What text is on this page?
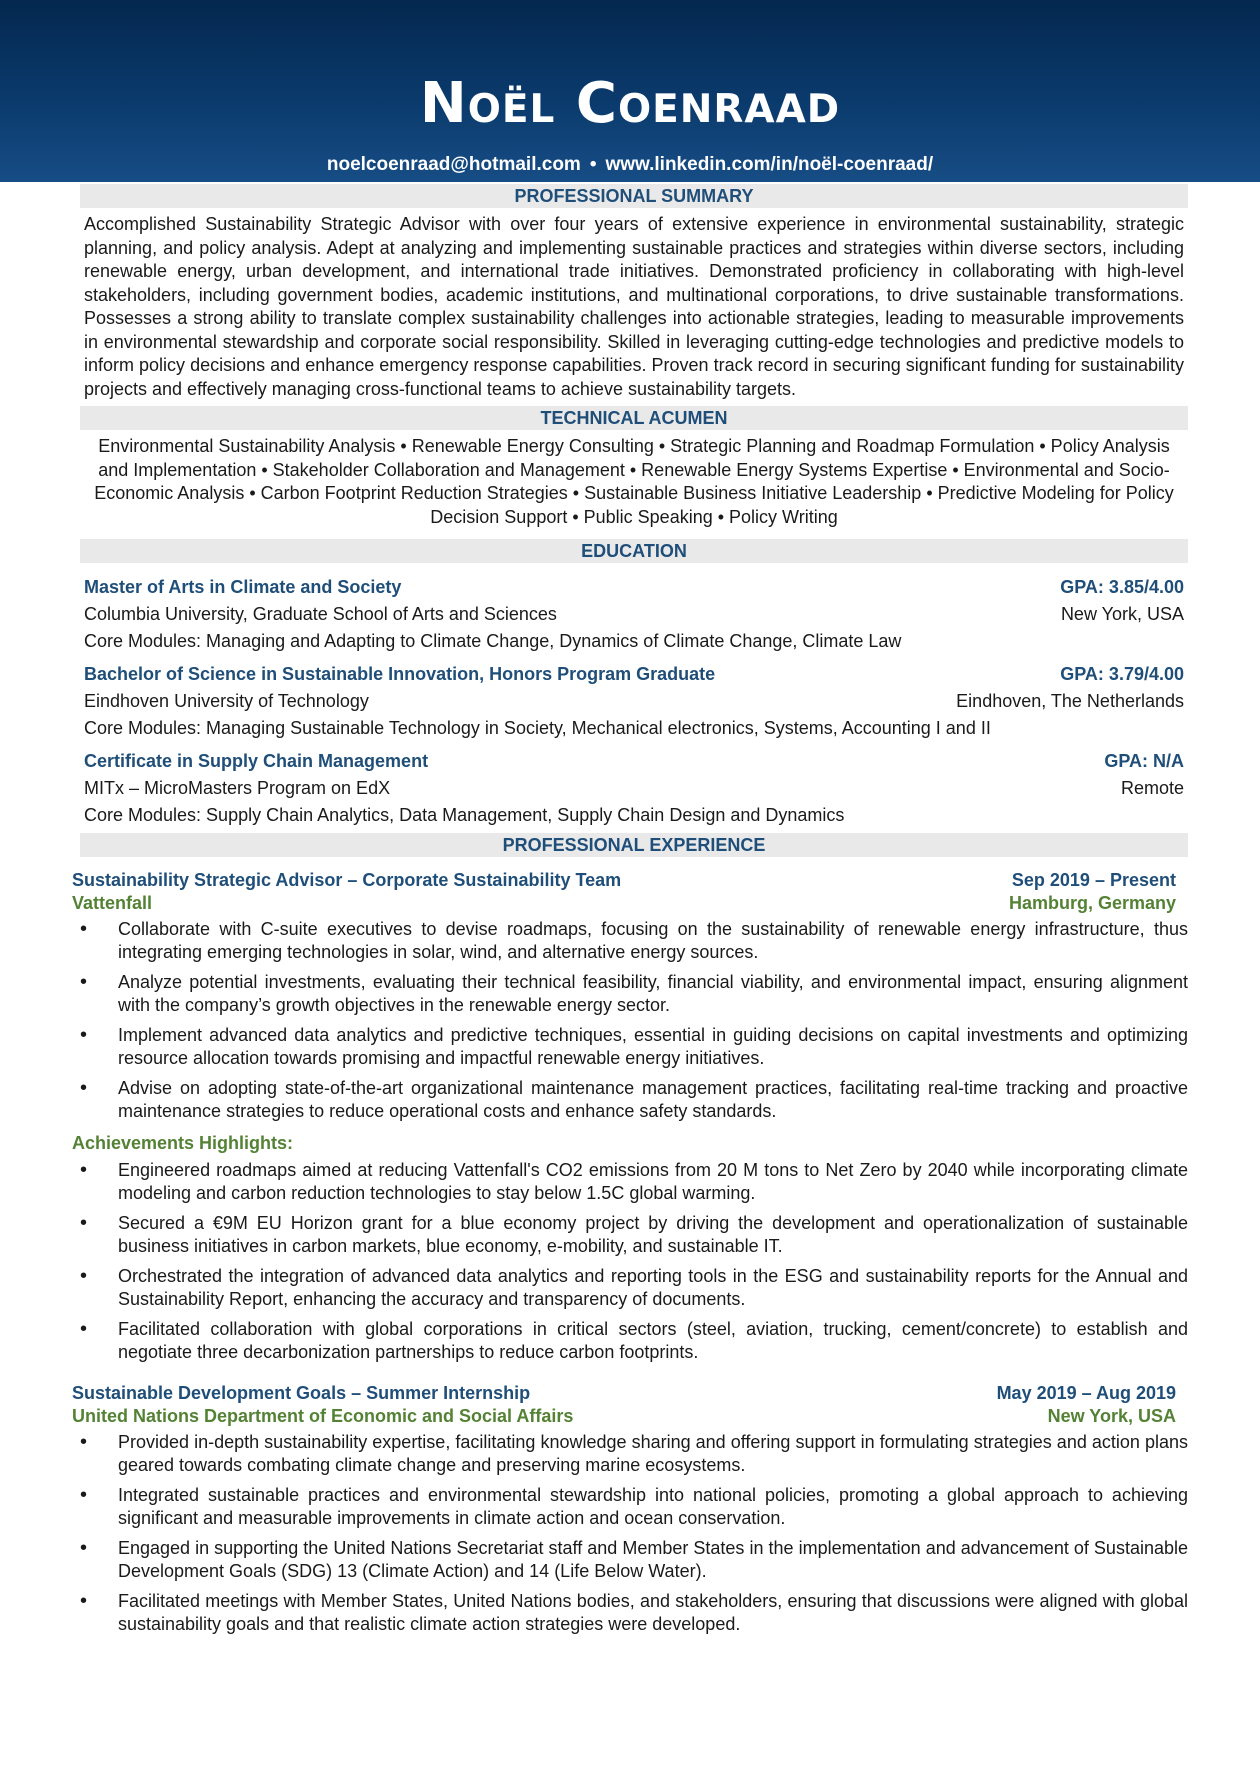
Noël Coenraad
noelcoenraad@hotmail.com • www.linkedin.com/in/noël-coenraad/
PROFESSIONAL SUMMARY
Accomplished Sustainability Strategic Advisor with over four years of extensive experience in environmental sustainability, strategic planning, and policy analysis. Adept at analyzing and implementing sustainable practices and strategies within diverse sectors, including renewable energy, urban development, and international trade initiatives. Demonstrated proficiency in collaborating with high-level stakeholders, including government bodies, academic institutions, and multinational corporations, to drive sustainable transformations. Possesses a strong ability to translate complex sustainability challenges into actionable strategies, leading to measurable improvements in environmental stewardship and corporate social responsibility. Skilled in leveraging cutting-edge technologies and predictive models to inform policy decisions and enhance emergency response capabilities. Proven track record in securing significant funding for sustainability projects and effectively managing cross-functional teams to achieve sustainability targets.
TECHNICAL ACUMEN
Environmental Sustainability Analysis • Renewable Energy Consulting • Strategic Planning and Roadmap Formulation • Policy Analysis and Implementation • Stakeholder Collaboration and Management • Renewable Energy Systems Expertise • Environmental and Socio-Economic Analysis • Carbon Footprint Reduction Strategies • Sustainable Business Initiative Leadership • Predictive Modeling for Policy Decision Support • Public Speaking • Policy Writing
EDUCATION
Master of Arts in Climate and Society	GPA: 3.85/4.00
Columbia University, Graduate School of Arts and Sciences	New York, USA
Core Modules: Managing and Adapting to Climate Change, Dynamics of Climate Change, Climate Law
Bachelor of Science in Sustainable Innovation, Honors Program Graduate	GPA: 3.79/4.00
Eindhoven University of Technology	Eindhoven, The Netherlands
Core Modules: Managing Sustainable Technology in Society, Mechanical electronics, Systems, Accounting I and II
Certificate in Supply Chain Management	GPA: N/A
MITx – MicroMasters Program on EdX	Remote
Core Modules: Supply Chain Analytics, Data Management, Supply Chain Design and Dynamics
PROFESSIONAL EXPERIENCE
Sustainability Strategic Advisor – Corporate Sustainability Team	Sep 2019 – Present
Vattenfall	Hamburg, Germany
• Collaborate with C-suite executives to devise roadmaps, focusing on the sustainability of renewable energy infrastructure, thus integrating emerging technologies in solar, wind, and alternative energy sources.
• Analyze potential investments, evaluating their technical feasibility, financial viability, and environmental impact, ensuring alignment with the company’s growth objectives in the renewable energy sector.
• Implement advanced data analytics and predictive techniques, essential in guiding decisions on capital investments and optimizing resource allocation towards promising and impactful renewable energy initiatives.
• Advise on adopting state-of-the-art organizational maintenance management practices, facilitating real-time tracking and proactive maintenance strategies to reduce operational costs and enhance safety standards.
Achievements Highlights:
• Engineered roadmaps aimed at reducing Vattenfall's CO2 emissions from 20 M tons to Net Zero by 2040 while incorporating climate modeling and carbon reduction technologies to stay below 1.5C global warming.
• Secured a €9M EU Horizon grant for a blue economy project by driving the development and operationalization of sustainable business initiatives in carbon markets, blue economy, e-mobility, and sustainable IT.
• Orchestrated the integration of advanced data analytics and reporting tools in the ESG and sustainability reports for the Annual and Sustainability Report, enhancing the accuracy and transparency of documents.
• Facilitated collaboration with global corporations in critical sectors (steel, aviation, trucking, cement/concrete) to establish and negotiate three decarbonization partnerships to reduce carbon footprints.
Sustainable Development Goals – Summer Internship	May 2019 – Aug 2019
United Nations Department of Economic and Social Affairs	New York, USA
• Provided in-depth sustainability expertise, facilitating knowledge sharing and offering support in formulating strategies and action plans geared towards combating climate change and preserving marine ecosystems.
• Integrated sustainable practices and environmental stewardship into national policies, promoting a global approach to achieving significant and measurable improvements in climate action and ocean conservation.
• Engaged in supporting the United Nations Secretariat staff and Member States in the implementation and advancement of Sustainable Development Goals (SDG) 13 (Climate Action) and 14 (Life Below Water).
• Facilitated meetings with Member States, United Nations bodies, and stakeholders, ensuring that discussions were aligned with global sustainability goals and that realistic climate action strategies were developed.
